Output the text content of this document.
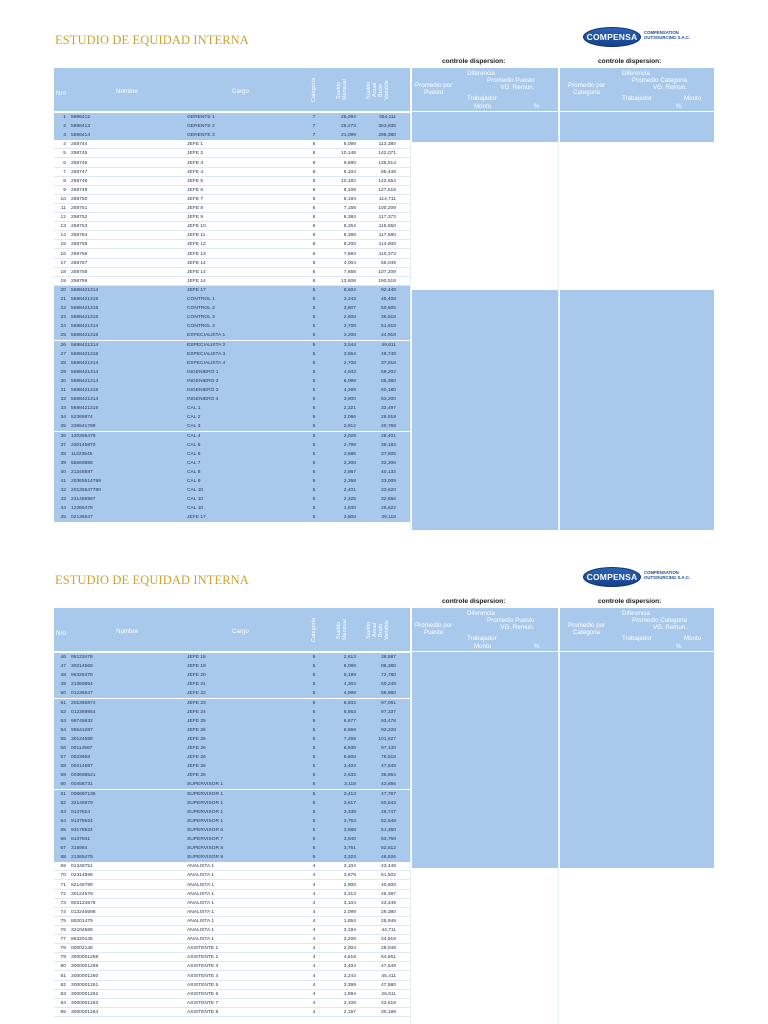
ESTUDIO DE EQUIDAD INTERNA	COMPENSA	COMPENSATION
OUTSOURCING S.A.C.
controle dispersion:	controle dispersion:
Nro	Nombre	Cargo	Categoría	Sueldo
Mensual	Sueldo
Anual
Bruto
Variable	Promedio por
Puesto
Diferencia
Promedio Puesto
VG. Remun.
Trabajador
Monto	%
Promedio por
Categoria
Diferencia
Promedio Categoria
VG. Remun.
Trabajador	Monto
%
1 5896412	GERENTE 1	7	25,294	354,111
2 5896413	GERENTE 2	7	25,274	353,835
3 5896414	GERENTE 3	7	21,099	295,380
4 258744	JEFE 1	6	8,099	113,380
5 258745	JEFE 2	6	10,148	142,071
6 258746	JEFE 3	6	9,680	135,514
7 258747	JEFE 4	6	6,104	85,449
8 258748	JEFE 5	6	10,182	142,554
9 258749	JEFE 6	6	9,108	127,518
10 258750	JEFE 7	6	8,194	114,711
11 258751	JEFE 8	6	7,158	100,209
12 258752	JEFE 9	6	8,384	117,373
13 258753	JEFE 10	6	8,254	115,550
14 258754	JEFE 11	6	8,399	117,580
15 258755	JEFE 12	6	8,200	114,800
16 258756	JEFE 13	6	7,884	110,373
17 258757	JEFE 14	6	4,004	56,049
18 258758	JEFE 14	6	7,658	107,209
19 258759	JEFE 14	6	13,608	190,518
20 5698421314	JEFE 17	5	6,604	92,449
21 5698421315	CONTROL 1	5	3,243	45,408
22 5698421315	CONTROL 2	5	3,607	50,505
23 5698421315	CONTROL 3	5	2,608	36,518
24 5698421314	CONTROL 4	5	3,708	51,918
25 5698421315	ESPECIALISTA 1	5	3,208	44,918
26 5698421314	ESPECIALISTA 2	5	3,544	49,611
27 5698421315	ESPECIALISTA 3	5	3,554	49,749
28 5698421314	ESPECIALISTA 4	5	2,708	37,918
29 5698421314	INGENIERO 1	5	4,943	69,202
30 5698421314	INGENIERO 2	5	6,099	85,380
31 5698421315	INGENIERO 3	5	4,299	60,180
32 5698421314	INGENIERO 4	5	3,800	53,200
33 5698421315	CAL 1	5	2,321	32,497
34 52369874	CAL 2	5	2,066	28,919
35 236541789	CAL 3	5	2,912	40,769
36 120365478	CAL 4	5	2,029	28,401
37 230145870	CAL 5	5	2,799	39,184
38 11223545	CAL 6	5	2,686	37,605
39 55669988	CAL 7	5	2,308	32,306
40 21346587	CAL 8	5	2,867	40,132
41 20365514789	CAL 9	5	2,358	33,009
42 20136547780	CAL 10	5	2,401	33,620
43 231456987	CAL 10	5	2,325	32,556
44 12365478	CAL 10	5	1,830	25,622
45 02136547	JEFE 17	5	3,508	49,118
ESTUDIO DE EQUIDAD INTERNA	COMPENSA	COMPENSATION
OUTSOURCING S.A.C.
controle dispersion:	controle dispersion:
Nro	Nombre	Cargo	Categoría	Sueldo
Mensual	Sueldo
Anual
Bruto
Variable	Promedio por
Puesto
Diferencia
Promedio Puesto
VG. Remun.
Trabajador
Monto	%
Promedio por
Categoria
Diferencia
Promedio Categoria
VG. Remun.
Trabajador	Monto
%
46 95123478	JEFE 18	5	2,613	36,587
47 30214569	JEFE 19	5	6,099	85,380
48 96325478	JEFE 20	5	5,199	72,780
49 21369854	JEFE 21	5	4,304	60,249
50 01236547	JEFE 22	5	4,999	69,980
51 201365874	JEFE 23	5	6,933	97,061
52 012369854	JEFE 24	5	6,953	97,337
53 98745632	JEFE 25	5	6,677	93,478
54 96541287	JEFE 26	5	6,659	93,228
55 30124589	JEFE 26	5	7,259	101,627
56 00114587	JEFE 26	5	6,938	97,130
57 0023658	JEFE 26	5	5,608	78,518
58 00214587	JEFE 26	5	3,404	47,649
59 003698521	JEFE 26	5	2,633	36,864
60 00458731	SUPERVISOR 1	5	3,118	43,656
61 006897135	SUPERVISOR 1	5	3,413	47,787
62 32145879	SUPERVISOR 1	5	3,617	50,643
63 9137824	SUPERVISOR 1	5	3,339	46,747
64 91378624	SUPERVISOR 1	5	3,753	52,549
65 93178524	SUPERVISOR 6	5	3,668	51,350
66 6137841	SUPERVISOR 7	5	3,840	53,758
67 316984	SUPERVISOR 8	5	3,751	52,512
68 21365479	SUPERVISOR 9	5	3,323	46,526
69 01348751	ANALISTA 1	4	3,104	43,449
70 02314589	ANALISTA 1	4	3,679	51,502
71 62145789	ANALISTA 1	4	2,900	40,600
72 30124578	ANALISTA 1	4	3,313	46,387
73 903124578	ANALISTA 1	4	3,104	43,449
74 013245698	ANALISTA 1	4	2,099	29,380
75 85201479	ANALISTA 1	4	1,854	25,949
76 32104569	ANALISTA 1	4	3,194	44,711
77 96320145	ANALISTA 1	4	3,208	44,918
78 00002145	ASISTENTE 1	4	2,004	28,049
79 3000001258	ASISTENTE 2	4	4,618	64,651
80 3000001259	ASISTENTE 3	4	3,404	47,649
81 3000001260	ASISTENTE 4	4	3,244	45,411
82 3000001261	ASISTENTE 5	4	3,399	47,580
83 3000001262	ASISTENTE 6	4	1,894	26,511
84 3000001263	ASISTENTE 7	4	3,108	43,518
85 3000001264	ASISTENTE 8	4	2,157	30,199
